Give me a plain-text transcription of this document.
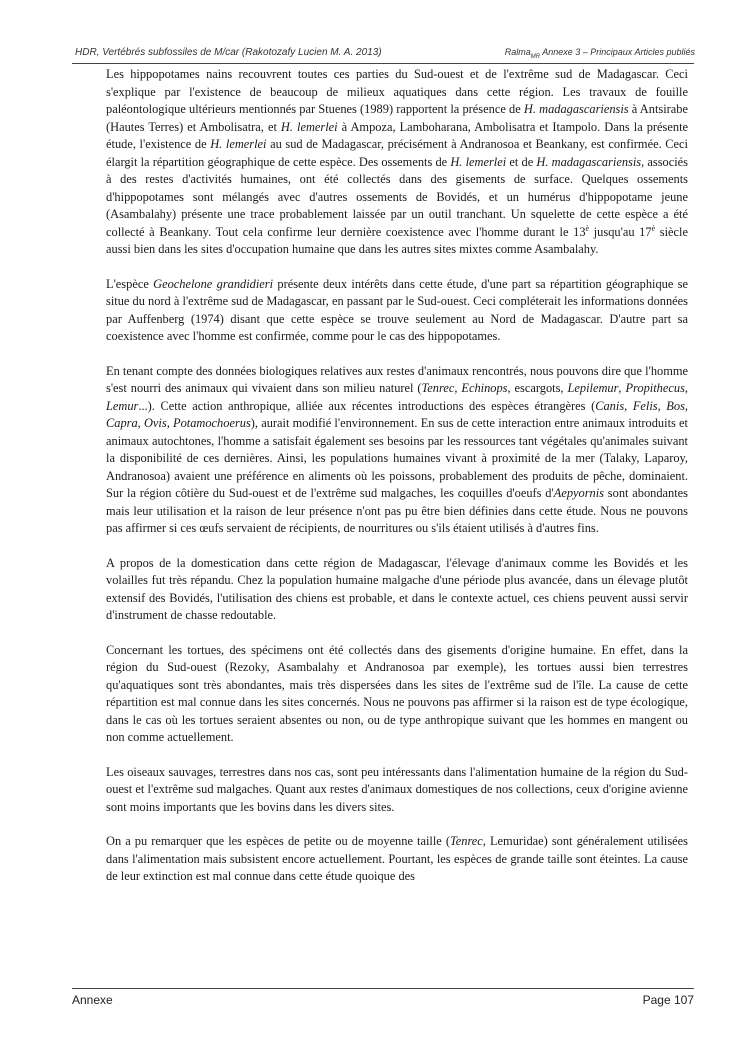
HDR, Vertébrés subfossiles de M/car (Rakotozafy Lucien M. A. 2013)	Ralma$_{MR}$ Annexe 3 – Principaux Articles publiés

Les hippopotames nains recouvrent toutes ces parties du Sud-ouest et de l'extrême sud de Madagascar. Ceci s'explique par l'existence de beaucoup de milieux aquatiques dans cette région. Les travaux de fouille paléontologique ultérieurs mentionnés par Stuenes (1989) rapportent la présence de H. madagascariensis à Antsirabe (Hautes Terres) et Ambolisatra, et H. lemerlei à Ampoza, Lamboharana, Ambolisatra et Itampolo. Dans la présente étude, l'existence de H. lemerlei au sud de Madagascar, précisément à Andranosoa et Beankany, est confirmée. Ceci élargit la répartition géographique de cette espèce. Des ossements de H. lemerlei et de H. madagascariensis, associés à des restes d'activités humaines, ont été collectés dans des gisements de surface. Quelques ossements d'hippopotames sont mélangés avec d'autres ossements de Bovidés, et un humérus d'hippopotame jeune (Asambalahy) présente une trace probablement laissée par un outil tranchant. Un squelette de cette espèce a été collecté à Beankany. Tout cela confirme leur dernière coexistence avec l'homme durant le $13^è$ jusqu'au $17^è$ siècle aussi bien dans les sites d'occupation humaine que dans les autres sites mixtes comme Asambalahy.

L'espèce Geochelone grandidieri présente deux intérêts dans cette étude, d'une part sa répartition géographique se situe du nord à l'extrême sud de Madagascar, en passant par le Sud-ouest. Ceci compléterait les informations données par Auffenberg (1974) disant que cette espèce se trouve seulement au Nord de Madagascar. D'autre part sa coexistence avec l'homme est confirmée, comme pour le cas des hippopotames.

En tenant compte des données biologiques relatives aux restes d'animaux rencontrés, nous pouvons dire que l'homme s'est nourri des animaux qui vivaient dans son milieu naturel (Tenrec, Echinops, escargots, Lepilemur, Propithecus, Lemur...). Cette action anthropique, alliée aux récentes introductions des espèces étrangères (Canis, Felis, Bos, Capra, Ovis, Potamochoerus), aurait modifié l'environnement. En sus de cette interaction entre animaux introduits et animaux autochtones, l'homme a satisfait également ses besoins par les ressources tant végétales qu'animales suivant la disponibilité de ces dernières. Ainsi, les populations humaines vivant à proximité de la mer (Talaky, Laparoy, Andranosoa) avaient une préférence en aliments où les poissons, probablement des produits de pêche, dominaient. Sur la région côtière du Sud-ouest et de l'extrême sud malgaches, les coquilles d'oeufs d'Aepyornis sont abondantes mais leur utilisation et la raison de leur présence n'ont pas pu être bien définies dans cette étude. Nous ne pouvons pas affirmer si ces œufs servaient de récipients, de nourritures ou s'ils étaient utilisés à d'autres fins.

A propos de la domestication dans cette région de Madagascar, l'élevage d'animaux comme les Bovidés et les volailles fut très répandu. Chez la population humaine malgache d'une période plus avancée, dans un élevage plutôt extensif des Bovidés, l'utilisation des chiens est probable, et dans le contexte actuel, ces chiens peuvent aussi servir d'instrument de chasse redoutable.

Concernant les tortues, des spécimens ont été collectés dans des gisements d'origine humaine. En effet, dans la région du Sud-ouest (Rezoky, Asambalahy et Andranosoa par exemple), les tortues aussi bien terrestres qu'aquatiques sont très abondantes, mais très dispersées dans les sites de l'extrême sud de l'île. La cause de cette répartition est mal connue dans les sites concernés. Nous ne pouvons pas affirmer si la raison est de type écologique, dans le cas où les tortues seraient absentes ou non, ou de type anthropique suivant que les hommes en mangent ou non comme actuellement.

Les oiseaux sauvages, terrestres dans nos cas, sont peu intéressants dans l'alimentation humaine de la région du Sud-ouest et l'extrême sud malgaches. Quant aux restes d'animaux domestiques de nos collections, ceux d'origine avienne sont moins importants que les bovins dans les divers sites.

On a pu remarquer que les espèces de petite ou de moyenne taille (Tenrec, Lemuridae) sont généralement utilisées dans l'alimentation mais subsistent encore actuellement. Pourtant, les espèces de grande taille sont éteintes. La cause de leur extinction est mal connue dans cette étude quoique des

Annexe	Page 107
